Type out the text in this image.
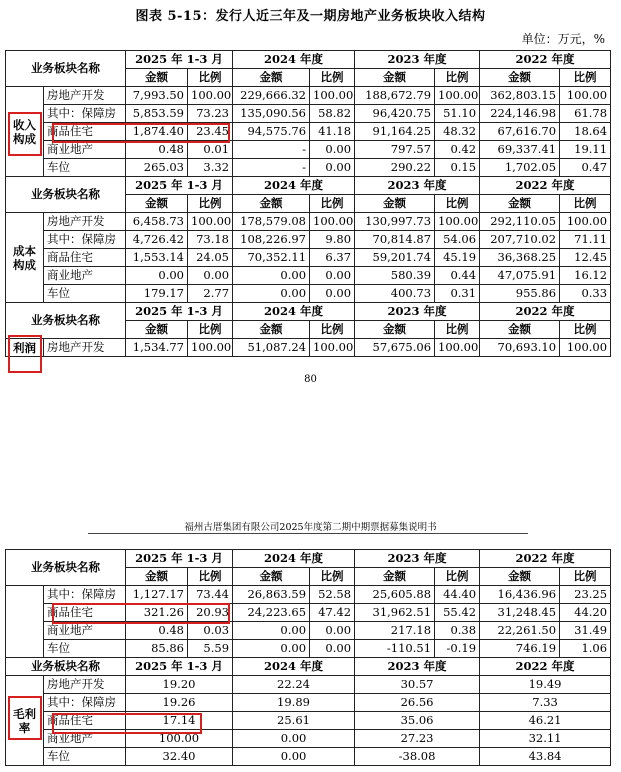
图表 5-15：发行人近三年及一期房地产业务板块收入结构
单位：万元，%
业务板块名称		2025 年 1-3 月		2024 年度		2023 年度		2022 年度	
		金额	比例	金额	比例	金额	比例	金额	比例
收入
构成	房地产开发	7,993.50	100.00	229,666.32	100.00	188,672.79	100.00	362,803.15	100.00
	其中：保障房	5,853.59	73.23	135,090.56	58.82	96,420.75	51.10	224,146.98	61.78
	商品住宅	1,874.40	23.45	94,575.76	41.18	91,164.25	48.32	67,616.70	18.64
	商业地产	0.48	0.01	-	0.00	797.57	0.42	69,337.41	19.11
	车位	265.03	3.32	-	0.00	290.22	0.15	1,702.05	0.47
业务板块名称		2025 年 1-3 月		2024 年度		2023 年度		2022 年度	
		金额	比例	金额	比例	金额	比例	金额	比例
成本
构成	房地产开发	6,458.73	100.00	178,579.08	100.00	130,997.73	100.00	292,110.05	100.00
	其中：保障房	4,726.42	73.18	108,226.97	9.80	70,814.87	54.06	207,710.02	71.11
	商品住宅	1,553.14	24.05	70,352.11	6.37	59,201.74	45.19	36,368.25	12.45
	商业地产	0.00	0.00	0.00	0.00	580.39	0.44	47,075.91	16.12
	车位	179.17	2.77	0.00	0.00	400.73	0.31	955.86	0.33
业务板块名称		2025 年 1-3 月		2024 年度		2023 年度		2022 年度	
		金额	比例	金额	比例	金额	比例	金额	比例
利润	房地产开发	1,534.77	100.00	51,087.24	100.00	57,675.06	100.00	70,693.10	100.00
80
福州古厝集团有限公司2025年度第二期中期票据募集说明书
业务板块名称		2025 年 1-3 月		2024 年度		2023 年度		2022 年度	
		金额	比例	金额	比例	金额	比例	金额	比例
	其中：保障房	1,127.17	73.44	26,863.59	52.58	25,605.88	44.40	16,436.96	23.25
	商品住宅	321.26	20.93	24,223.65	47.42	31,962.51	55.42	31,248.45	44.20
	商业地产	0.48	0.03	0.00	0.00	217.18	0.38	22,261.50	31.49
	车位	85.86	5.59	0.00	0.00	-110.51	-0.19	746.19	1.06
业务板块名称		2025 年 1-3 月		2024 年度		2023 年度		2022 年度	
毛利
率	房地产开发	19.20		22.24		30.57		19.49	
	其中：保障房	19.26		19.89		26.56		7.33	
	商品住宅	17.14		25.61		35.06		46.21	
	商业地产	100.00		0.00		27.23		32.11	
	车位	32.40		0.00		-38.08		43.84	
